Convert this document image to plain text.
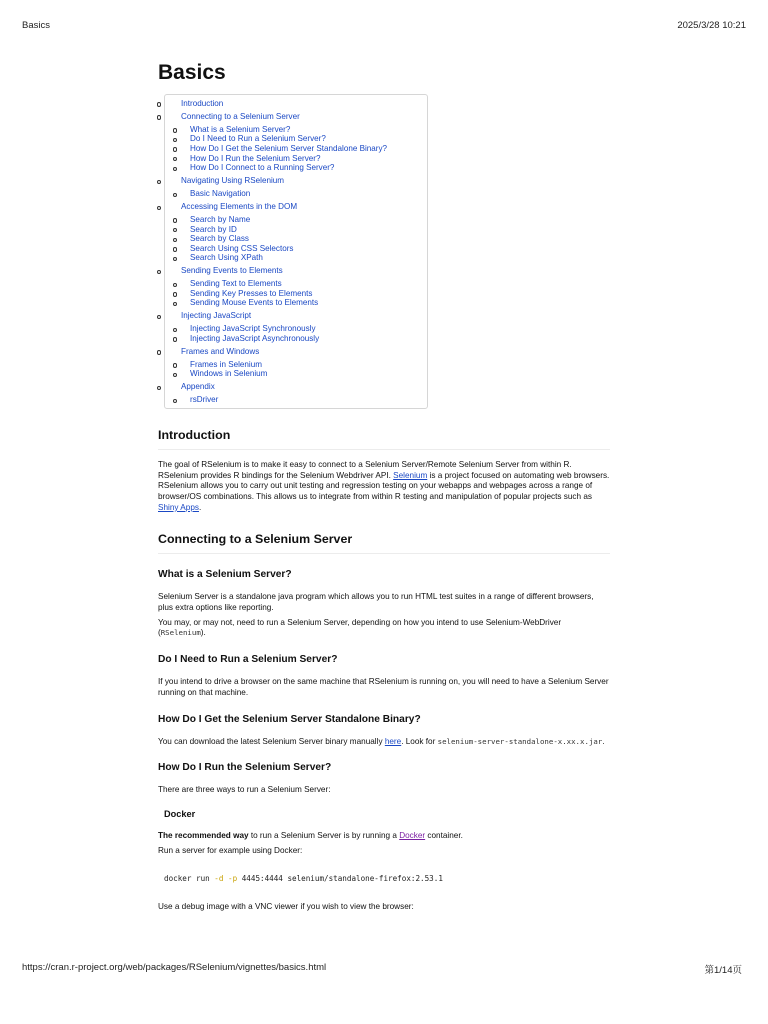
Basics	2025/3/28 10:21
Basics
Introduction
Connecting to a Selenium Server
What is a Selenium Server?
Do I Need to Run a Selenium Server?
How Do I Get the Selenium Server Standalone Binary?
How Do I Run the Selenium Server?
How Do I Connect to a Running Server?
Navigating Using RSelenium
Basic Navigation
Accessing Elements in the DOM
Search by Name
Search by ID
Search by Class
Search Using CSS Selectors
Search Using XPath
Sending Events to Elements
Sending Text to Elements
Sending Key Presses to Elements
Sending Mouse Events to Elements
Injecting JavaScript
Injecting JavaScript Synchronously
Injecting JavaScript Asynchronously
Frames and Windows
Frames in Selenium
Windows in Selenium
Appendix
rsDriver
Introduction

The goal of RSelenium is to make it easy to connect to a Selenium Server/Remote Selenium Server from within R. RSelenium provides R bindings for the Selenium Webdriver API. Selenium is a project focused on automating web browsers. RSelenium allows you to carry out unit testing and regression testing on your webapps and webpages across a range of browser/OS combinations. This allows us to integrate from within R testing and manipulation of popular projects such as Shiny Apps.

Connecting to a Selenium Server
What is a Selenium Server?

Selenium Server is a standalone java program which allows you to run HTML test suites in a range of different browsers, plus extra options like reporting.

You may, or may not, need to run a Selenium Server, depending on how you intend to use Selenium-WebDriver (RSelenium).

Do I Need to Run a Selenium Server?

If you intend to drive a browser on the same machine that RSelenium is running on, you will need to have a Selenium Server running on that machine.

How Do I Get the Selenium Server Standalone Binary?

You can download the latest Selenium Server binary manually here. Look for selenium-server-standalone-x.xx.x.jar.

How Do I Run the Selenium Server?

There are three ways to run a Selenium Server:

Docker

The recommended way to run a Selenium Server is by running a Docker container.

Run a server for example using Docker:

docker run -d -p 4445:4444 selenium/standalone-firefox:2.53.1

Use a debug image with a VNC viewer if you wish to view the browser:

https://cran.r-project.org/web/packages/RSelenium/vignettes/basics.html	第1/14页
